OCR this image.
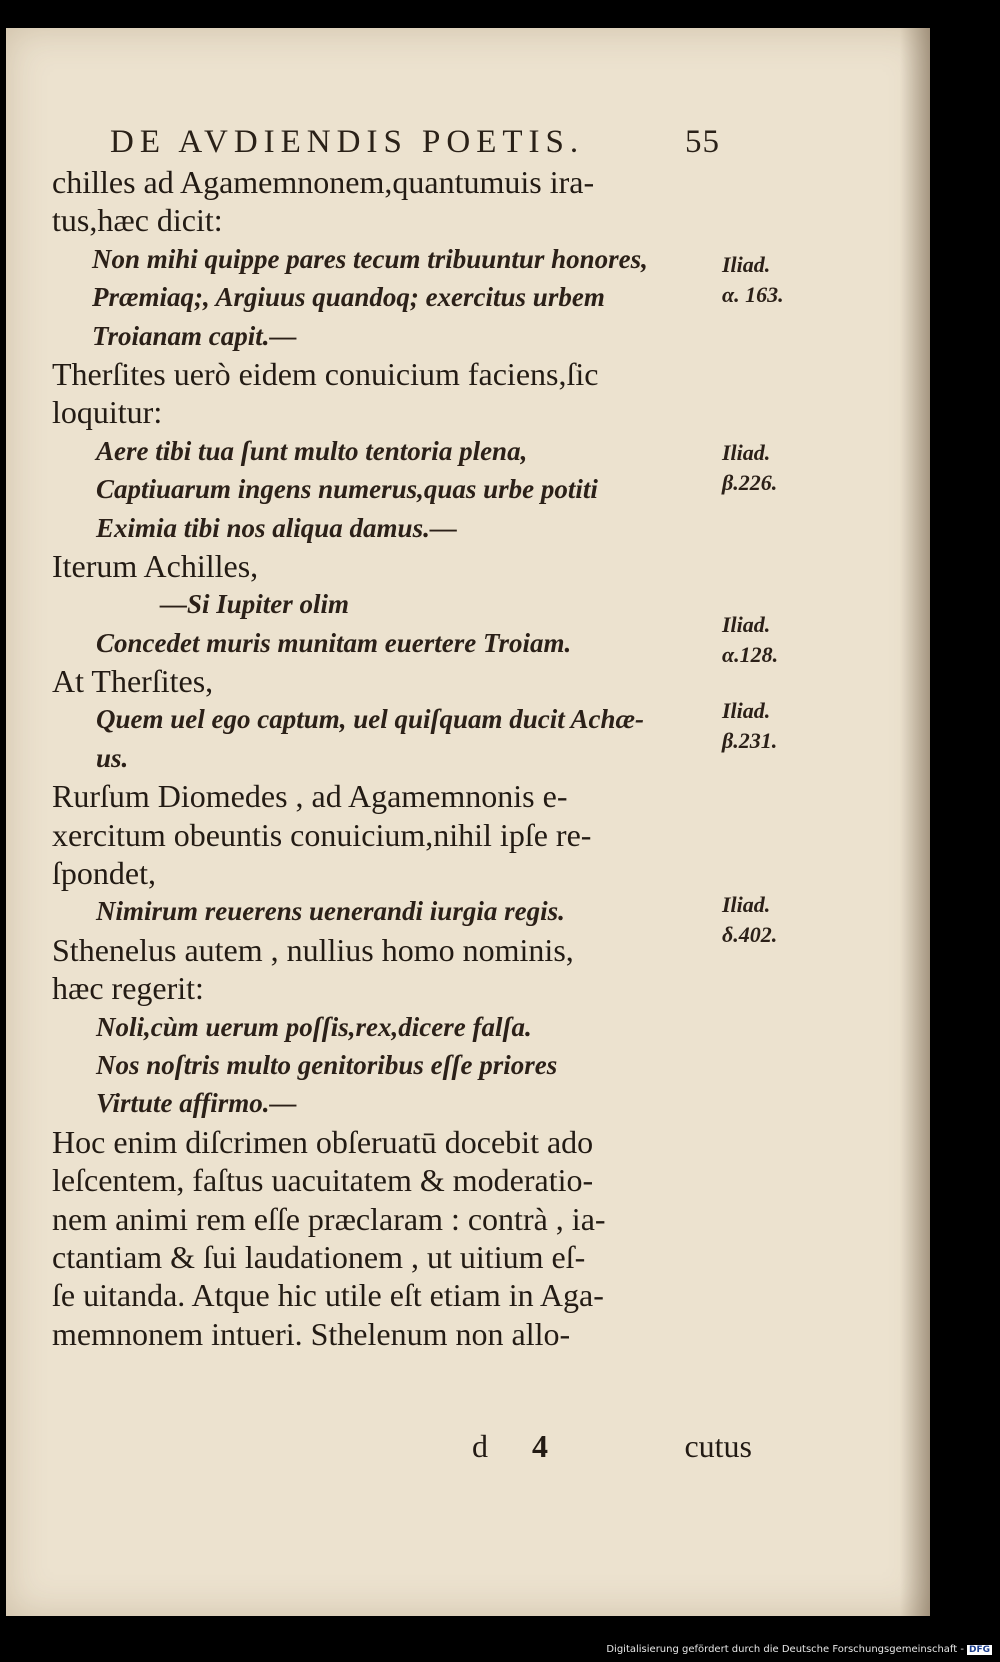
DE AVDIENDIS POETIS.	55
chilles ad Agamemnonem,quantumuis ira-
tus,hæc dicit:
Non mihi quippe pares tecum tribuuntur honores,
Præmiaq;, Argiuus quandoq; exercitus urbem
Troianam capit.—
Therſites uerò eidem conuicium faciens,ſic
loquitur:
Aere tibi tua ſunt multo tentoria plena,
Captiuarum ingens numerus,quas urbe potiti
Eximia tibi nos aliqua damus.—
Iterum Achilles,
—Si Iupiter olim
Concedet muris munitam euertere Troiam.
At Therſites,
Quem uel ego captum, uel quiſquam ducit Achæ-
us.
Rurſum Diomedes , ad Agamemnonis e-
xercitum obeuntis conuicium,nihil ipſe re-
ſpondet,
Nimirum reuerens uenerandi iurgia regis.
Sthenelus autem , nullius homo nominis,
hæc regerit:
Noli,cùm uerum poſſis,rex,dicere falſa.
Nos noſtris multo genitoribus eſſe priores
Virtute affirmo.—
Hoc enim diſcrimen obſeruatū docebit ado
leſcentem, faſtus uacuitatem & moderatio-
nem animi rem eſſe præclaram : contrà , ia-
ctantiam & ſui laudationem , ut uitium eſ-
ſe uitanda. Atque hic utile eſt etiam in Aga-
memnonem intueri. Sthelenum non allo-
Iliad.
α. 163.
Iliad.
β.226.
Iliad.
α.128.
Iliad.
β.231.
Iliad.
δ.402.
d 4	cutus
Digitalisierung gefördert durch die Deutsche Forschungsgemeinschaft - DFG
